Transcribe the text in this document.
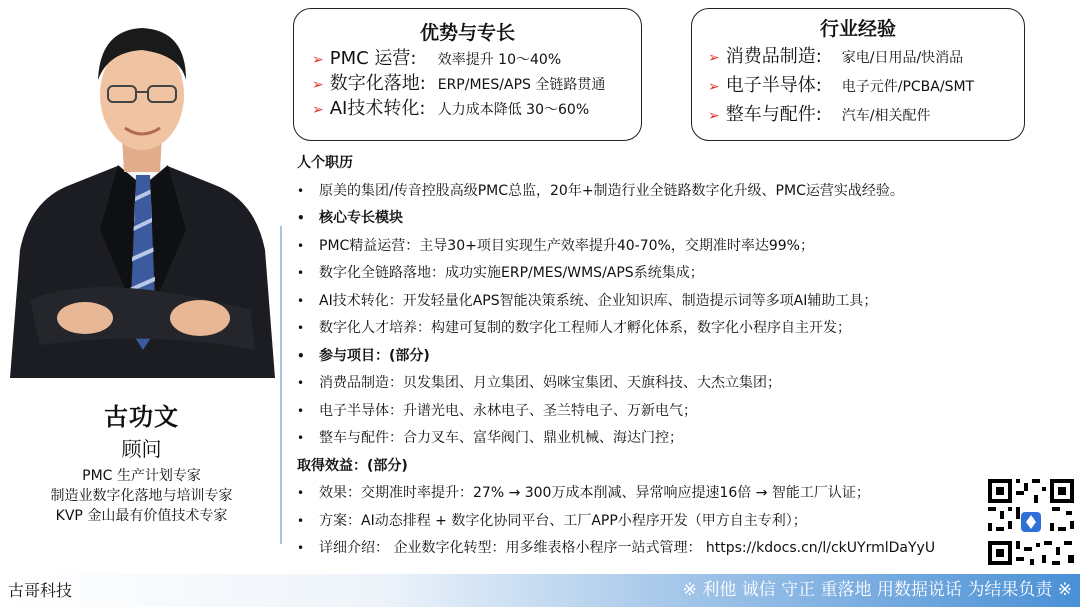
古功文
顾问
PMC 生产计划专家
制造业数字化落地与培训专家
KVP 金山最有价值技术专家
优势与专长
➢ PMC 运营:	效率提升 10～40%
➢ 数字化落地: ERP/MES/APS 全链路贯通
➢ AI技术转化: 人力成本降低 30～60%
行业经验
➢ 消费品制造:	家电/日用品/快消品
➢ 电子半导体:	电子元件/PCBA/SMT
➢ 整车与配件:	汽车/相关配件
人个职历
• 原美的集团/传音控股高级PMC总监，20年+制造行业全链路数字化升级、PMC运营实战经验。
• 核心专长模块
• PMC精益运营：主导30+项目实现生产效率提升40-70%，交期准时率达99%；
• 数字化全链路落地：成功实施ERP/MES/WMS/APS系统集成；
• AI技术转化：开发轻量化APS智能决策系统、企业知识库、制造提示词等多项AI辅助工具；
• 数字化人才培养：构建可复制的数字化工程师人才孵化体系，数字化小程序自主开发；
• 参与项目：(部分)
• 消费品制造：贝发集团、月立集团、妈咪宝集团、天旗科技、大杰立集团；
• 电子半导体：升谱光电、永林电子、圣兰特电子、万新电气；
• 整车与配件：合力叉车、富华阀门、鼎业机械、海达门控；
取得效益：(部分)
• 效果：交期准时率提升：27% → 300万成本削减、异常响应提速16倍 → 智能工厂认证；
• 方案：AI动态排程 + 数字化协同平台、工厂APP小程序开发（甲方自主专利）；
• 详细介绍： 企业数字化转型：用多维表格小程序一站式管理： https://kdocs.cn/l/ckUYrmlDaYyU
古哥科技	※ 利他 诚信 守正 重落地 用数据说话 为结果负责 ※
